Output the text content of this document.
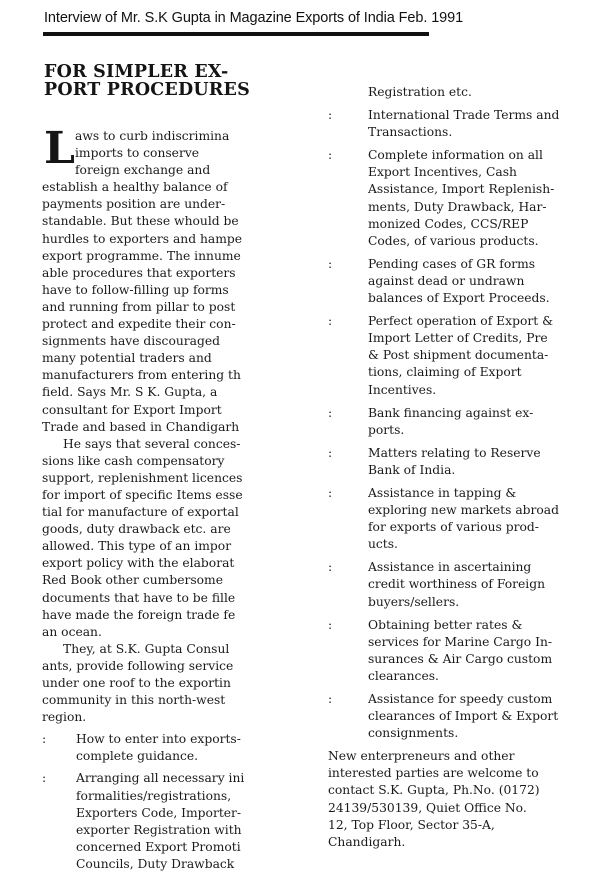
Interview of Mr. S.K Gupta in Magazine Exports of India Feb. 1991
FOR SIMPLER EX-
PORT PROCEDURES
L aws to curb indiscrimina
imports to conserve
foreign exchange and
establish a healthy balance of
payments position are under-
standable. But these whould be
hurdles to exporters and hampe
export programme. The innume
able procedures that exporters
have to follow-filling up forms
and running from pillar to post
protect and expedite their con-
signments have discouraged
many potential traders and
manufacturers from entering th
field. Says Mr. S K. Gupta, a
consultant for Export Import
Trade and based in Chandigarh
He says that several conces-
sions like cash compensatory
support, replenishment licences
for import of specific Items esse
tial for manufacture of exportal
goods, duty drawback etc. are
allowed. This type of an impor
export policy with the elaborat
Red Book other cumbersome
documents that have to be fille
have made the foreign trade fe
an ocean.
They, at S.K. Gupta Consul
ants, provide following service
under one roof to the exportin
community in this north-west
region.
: How to enter into exports-
complete guidance.
: Arranging all necessary ini
formalities/registrations,
Exporters Code, Importer-
exporter Registration with
concerned Export Promoti
Councils, Duty Drawback
Registration etc.
:	International Trade Terms and
Transactions.
:	Complete information on all
Export Incentives, Cash
Assistance, Import Replenish-
ments, Duty Drawback, Har-
monized Codes, CCS/REP
Codes, of various products.
:	Pending cases of GR forms
against dead or undrawn
balances of Export Proceeds.
:	Perfect operation of Export &
Import Letter of Credits, Pre
& Post shipment documenta-
tions, claiming of Export
Incentives.
:	Bank financing against ex-
ports.
:	Matters relating to Reserve
Bank of India.
:	Assistance in tapping &
exploring new markets abroad
for exports of various prod-
ucts.
:	Assistance in ascertaining
credit worthiness of Foreign
buyers/sellers.
:	Obtaining better rates &
services for Marine Cargo In-
surances & Air Cargo custom
clearances.
:	Assistance for speedy custom
clearances of Import & Export
consignments.
New enterpreneurs and other
interested parties are welcome to
contact S.K. Gupta, Ph.No. (0172)
24139/530139, Quiet Office No.
12, Top Floor, Sector 35-A,
Chandigarh.
